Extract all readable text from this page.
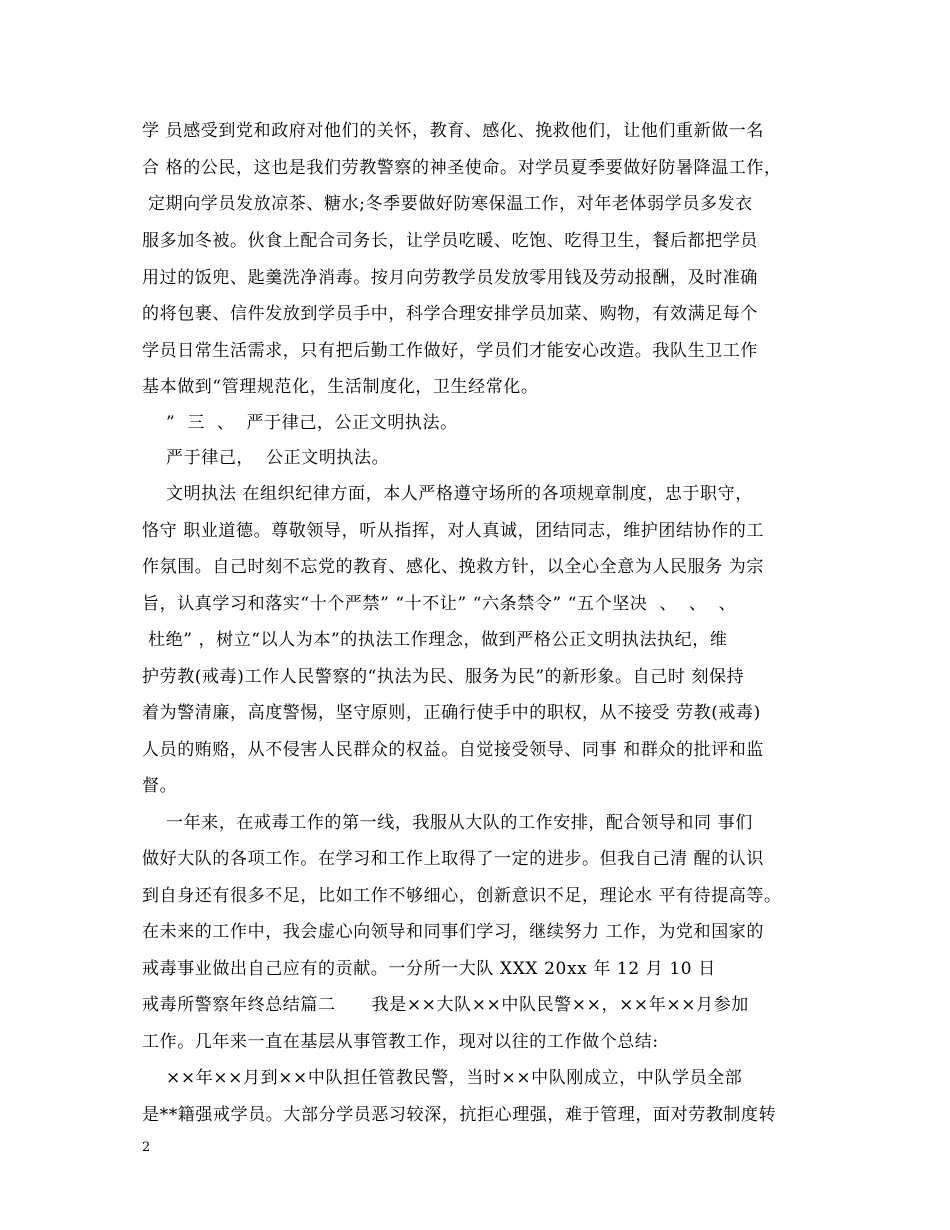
学 员感受到党和政府对他们的关怀，教育、感化、挽救他们，让他们重新做一名
合 格的公民，这也是我们劳教警察的神圣使命。对学员夏季要做好防暑降温工作，
定期向学员发放凉茶、糖水;冬季要做好防寒保温工作，对年老体弱学员多发衣
服多加冬被。伙食上配合司务长，让学员吃暖、吃饱、吃得卫生，餐后都把学员
用过的饭兜、匙羹洗净消毒。按月向劳教学员发放零用钱及劳动报酬，及时准确
的将包裹、信件发放到学员手中，科学合理安排学员加菜、购物，有效满足每个
学员日常生活需求，只有把后勤工作做好，学员们才能安心改造。我队生卫工作
基本做到“管理规范化，生活制度化，卫生经常化。
”  三  、  严于律己，公正文明执法。
严于律己，  公正文明执法。
文明执法 在组织纪律方面，本人严格遵守场所的各项规章制度，忠于职守，
恪守 职业道德。尊敬领导，听从指挥，对人真诚，团结同志，维护团结协作的工
作氛围。自己时刻不忘党的教育、感化、挽救方针，以全心全意为人民服务 为宗
旨，认真学习和落实“十个严禁” “十不让” “六条禁令” “五个坚决  、  、  、
杜绝” ，树立“以人为本”的执法工作理念，做到严格公正文明执法执纪，维
护劳教(戒毒)工作人民警察的“执法为民、服务为民”的新形象。自己时 刻保持
着为警清廉，高度警惕，坚守原则，正确行使手中的职权，从不接受 劳教(戒毒)
人员的贿赂，从不侵害人民群众的权益。自觉接受领导、同事 和群众的批评和监
督。
一年来，在戒毒工作的第一线，我服从大队的工作安排，配合领导和同 事们
做好大队的各项工作。在学习和工作上取得了一定的进步。但我自己清 醒的认识
到自身还有很多不足，比如工作不够细心，创新意识不足，理论水 平有待提高等。
在未来的工作中，我会虚心向领导和同事们学习，继续努力 工作，为党和国家的
戒毒事业做出自己应有的贡献。一分所一大队 XXX 20xx 年 12 月 10 日
戒毒所警察年终总结篇二      我是××大队××中队民警××，××年××月参加
工作。几年来一直在基层从事管教工作，现对以往的工作做个总结:
××年××月到××中队担任管教民警，当时××中队刚成立，中队学员全部
是**籍强戒学员。大部分学员恶习较深，抗拒心理强，难于管理，面对劳教制度转
2
